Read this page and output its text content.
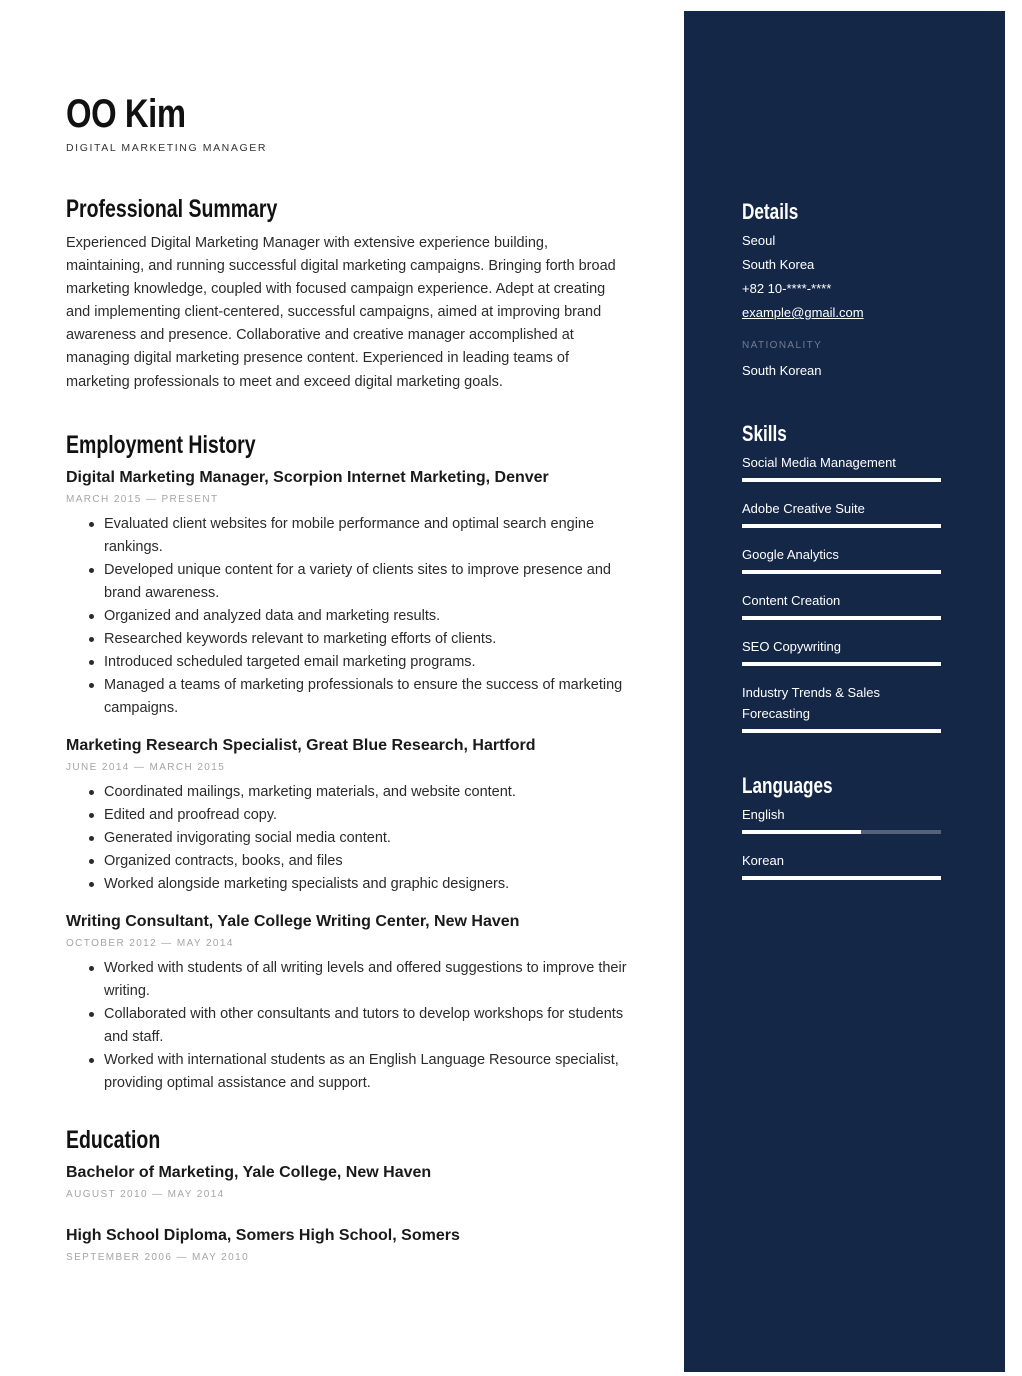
OO Kim
DIGITAL MARKETING MANAGER
Professional Summary

Experienced Digital Marketing Manager with extensive experience building, maintaining, and running successful digital marketing campaigns. Bringing forth broad marketing knowledge, coupled with focused campaign experience. Adept at creating and implementing client-centered, successful campaigns, aimed at improving brand awareness and presence. Collaborative and creative manager accomplished at managing digital marketing presence content. Experienced in leading teams of marketing professionals to meet and exceed digital marketing goals.

Employment History
Digital Marketing Manager, Scorpion Internet Marketing, Denver
MARCH 2015 — PRESENT
Evaluated client websites for mobile performance and optimal search engine rankings.
Developed unique content for a variety of clients sites to improve presence and brand awareness.
Organized and analyzed data and marketing results.
Researched keywords relevant to marketing efforts of clients.
Introduced scheduled targeted email marketing programs.
Managed a teams of marketing professionals to ensure the success of marketing campaigns.
Marketing Research Specialist, Great Blue Research, Hartford
JUNE 2014 — MARCH 2015
Coordinated mailings, marketing materials, and website content.
Edited and proofread copy.
Generated invigorating social media content.
Organized contracts, books, and files
Worked alongside marketing specialists and graphic designers.
Writing Consultant, Yale College Writing Center, New Haven
OCTOBER 2012 — MAY 2014
Worked with students of all writing levels and offered suggestions to improve their writing.
Collaborated with other consultants and tutors to develop workshops for students and staff.
Worked with international students as an English Language Resource specialist, providing optimal assistance and support.
Education
Bachelor of Marketing, Yale College, New Haven
AUGUST 2010 — MAY 2014
High School Diploma, Somers High School, Somers
SEPTEMBER 2006 — MAY 2010
Details
Seoul
South Korea
+82 10-****-****
example@gmail.com
NATIONALITY
South Korean
Skills
Social Media Management
Adobe Creative Suite
Google Analytics
Content Creation
SEO Copywriting
Industry Trends & Sales Forecasting
Languages
English
Korean
